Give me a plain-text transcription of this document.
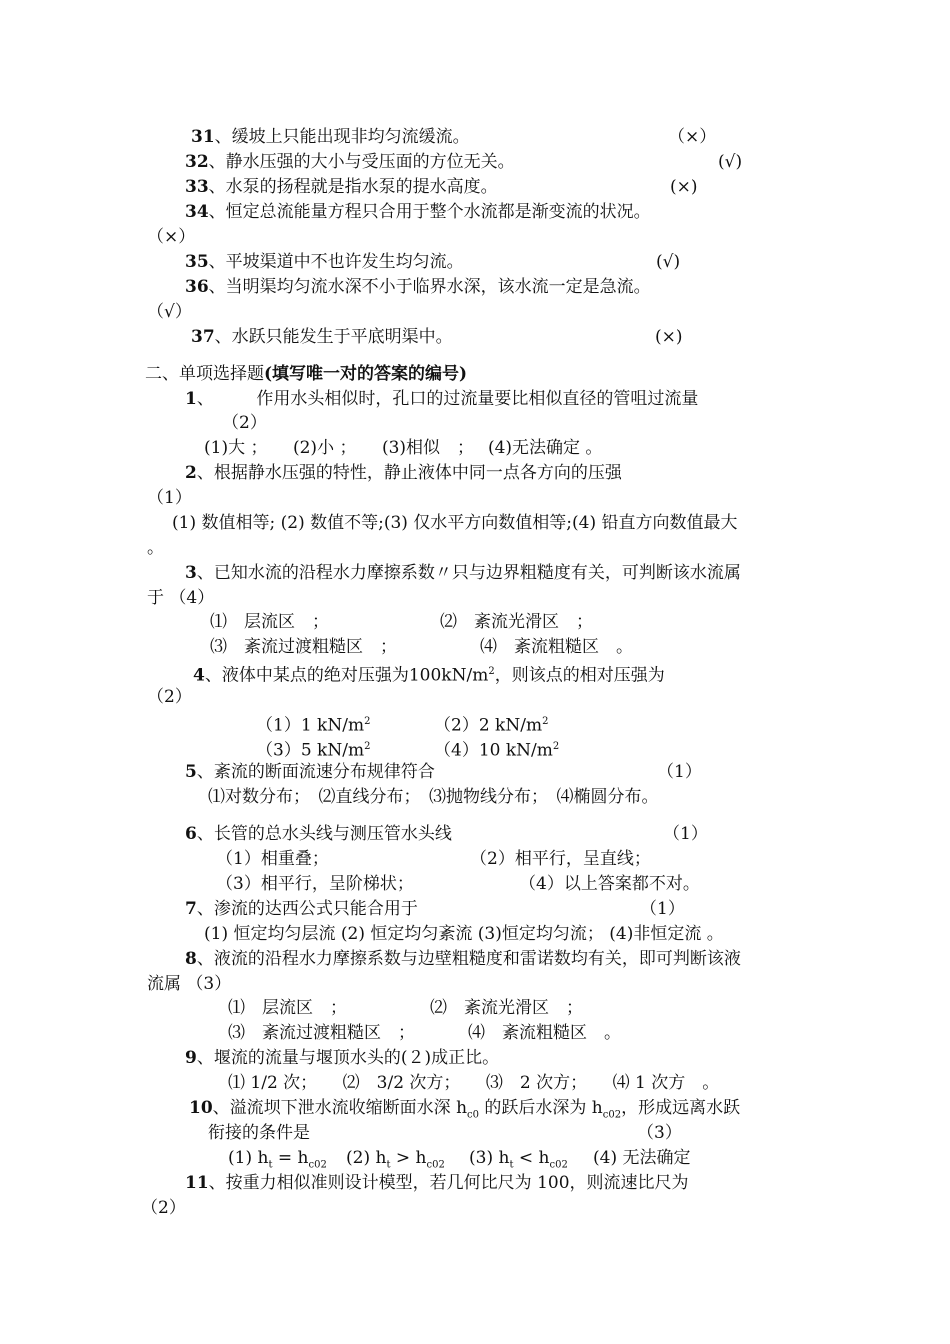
31、缓坡上只能出现非均匀流缓流。	（×）
32、静水压强的大小与受压面的方位无关。	(√)
33、水泵的扬程就是指水泵的提水高度。	(×)
34、恒定总流能量方程只合用于整个水流都是渐变流的状况。
（×）
35、平坡渠道中不也许发生均匀流。	(√)
36、当明渠均匀流水深不小于临界水深，该水流一定是急流。
（√）
37、水跃只能发生于平底明渠中。	(×)
二、单项选择题(填写唯一对的答案的编号)
1、　　　作用水头相似时，孔口的过流量要比相似直径的管咀过流量
（2）
(1)大 ；　　(2)小 ；　　(3)相似　；　 (4)无法确定 。
2、根据静水压强的特性，静止液体中同一点各方向的压强
（1）
(1) 数值相等; (2) 数值不等;(3) 仅水平方向数值相等;(4) 铅直方向数值最大
。
3、已知水流的沿程水力摩擦系数〃只与边界粗糙度有关，可判断该水流属
于 （4）
⑴　层流区　；	⑵　紊流光滑区　；
⑶　紊流过渡粗糙区　；	⑷　紊流粗糙区　。
4、液体中某点的绝对压强为$100kN/m^2$，则该点的相对压强为
（2）
（1）1 $kN/m^2$	（2）2 $kN/m^2$
（3）5 $kN/m^2$	（4）10 $kN/m^2$
5、紊流的断面流速分布规律符合	（1）
⑴对数分布；　⑵直线分布；　⑶抛物线分布；　⑷椭圆分布。
6、长管的总水头线与测压管水头线	（1）
（1）相重叠；	（2）相平行，呈直线；
（3）相平行，呈阶梯状；	（4）以上答案都不对。
7、渗流的达西公式只能合用于	（1）
(1) 恒定均匀层流 (2) 恒定均匀紊流 (3)恒定均匀流； (4)非恒定流 。
8、液流的沿程水力摩擦系数与边壁粗糙度和雷诺数均有关，即可判断该液
流属 （3）
⑴　层流区　；	⑵　紊流光滑区　；
⑶　紊流过渡粗糙区　；	⑷　紊流粗糙区　。
9、堰流的流量与堰顶水头的(２)成正比。
⑴ 1/2 次；　　⑵　3/2 次方；　　⑶　2 次方；　　⑷ 1 次方　。
10、溢流坝下泄水流收缩断面水深 $h_{c0}$ 的跃后水深为 $h_{c02}$，形成远离水跃
衔接的条件是	（3）
(1) $h_t = h_{c02}$ (2) $h_t > h_{c02}$ (3) $h_t < h_{c02}$ (4) 无法确定
11、按重力相似准则设计模型，若几何比尺为 100，则流速比尺为
（2）
